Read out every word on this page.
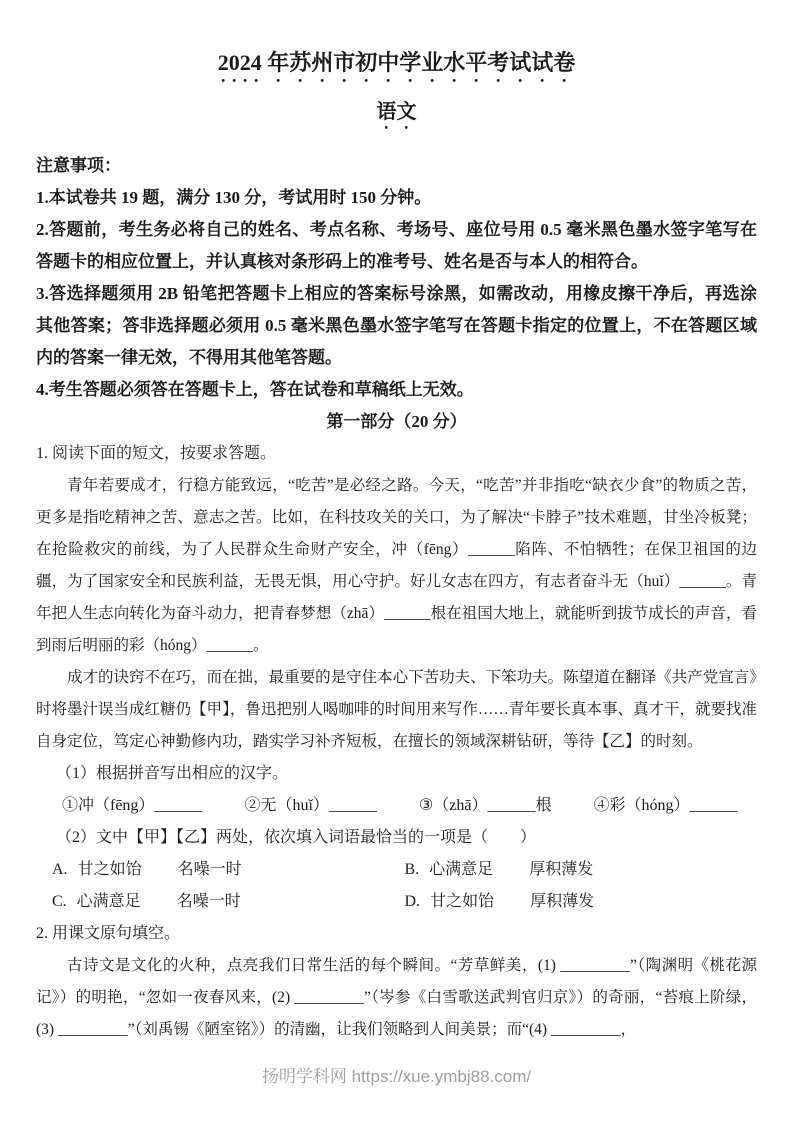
2024 年苏州市初中学业水平考试试卷
语文

注意事项：

1.本试卷共 19 题，满分 130 分，考试用时 150 分钟。

2.答题前，考生务必将自己的姓名、考点名称、考场号、座位号用 0.5 毫米黑色墨水签字笔写在答题卡的相应位置上，并认真核对条形码上的准考号、姓名是否与本人的相符合。

3.答选择题须用 2B 铅笔把答题卡上相应的答案标号涂黑，如需改动，用橡皮擦干净后，再选涂其他答案；答非选择题必须用 0.5 毫米黑色墨水签字笔写在答题卡指定的位置上，不在答题区域内的答案一律无效，不得用其他笔答题。

4.考生答题必须答在答题卡上，答在试卷和草稿纸上无效。

第一部分（20 分）

1. 阅读下面的短文，按要求答题。

青年若要成才，行稳方能致远，“吃苦”是必经之路。今天，“吃苦”并非指吃“缺衣少食”的物质之苦，更多是指吃精神之苦、意志之苦。比如，在科技攻关的关口，为了解决“卡脖子”技术难题，甘坐冷板凳；在抢险救灾的前线，为了人民群众生命财产安全，冲（fēng）______陷阵、不怕牺牲；在保卫祖国的边疆，为了国家安全和民族利益，无畏无惧，用心守护。好儿女志在四方，有志者奋斗无（huǐ）______。青年把人生志向转化为奋斗动力，把青春梦想（zhā）______根在祖国大地上，就能听到拔节成长的声音，看到雨后明丽的彩（hóng）______。

成才的诀窍不在巧，而在拙，最重要的是守住本心下苦功夫、下笨功夫。陈望道在翻译《共产党宣言》时将墨汁误当成红糖仍【甲】，鲁迅把别人喝咖啡的时间用来写作……青年要长真本事、真才干，就要找准自身定位，笃定心神勤修内功，踏实学习补齐短板，在擅长的领域深耕钻研，等待【乙】的时刻。

（1）根据拼音写出相应的汉字。

①冲（fēng）______	②无（huǐ）______	③（zhā）______根	④彩（hóng）______

（2）文中【甲】【乙】两处，依次填入词语最恰当的一项是（　　）

A. 甘之如饴 名噪一时	B. 心满意足 厚积薄发
C. 心满意足 名噪一时	D. 甘之如饴 厚积薄发

2. 用课文原句填空。

古诗文是文化的火种，点亮我们日常生活的每个瞬间。“芳草鲜美，(1) _________”（陶渊明《桃花源记》）的明艳，“忽如一夜春风来，(2) _________”（岑参《白雪歌送武判官归京》）的奇丽，“苔痕上阶绿，(3) _________”（刘禹锡《陋室铭》）的清幽，让我们领略到人间美景；而“(4) _________，

扬明学科网 https://xue.ymbj88.com/
